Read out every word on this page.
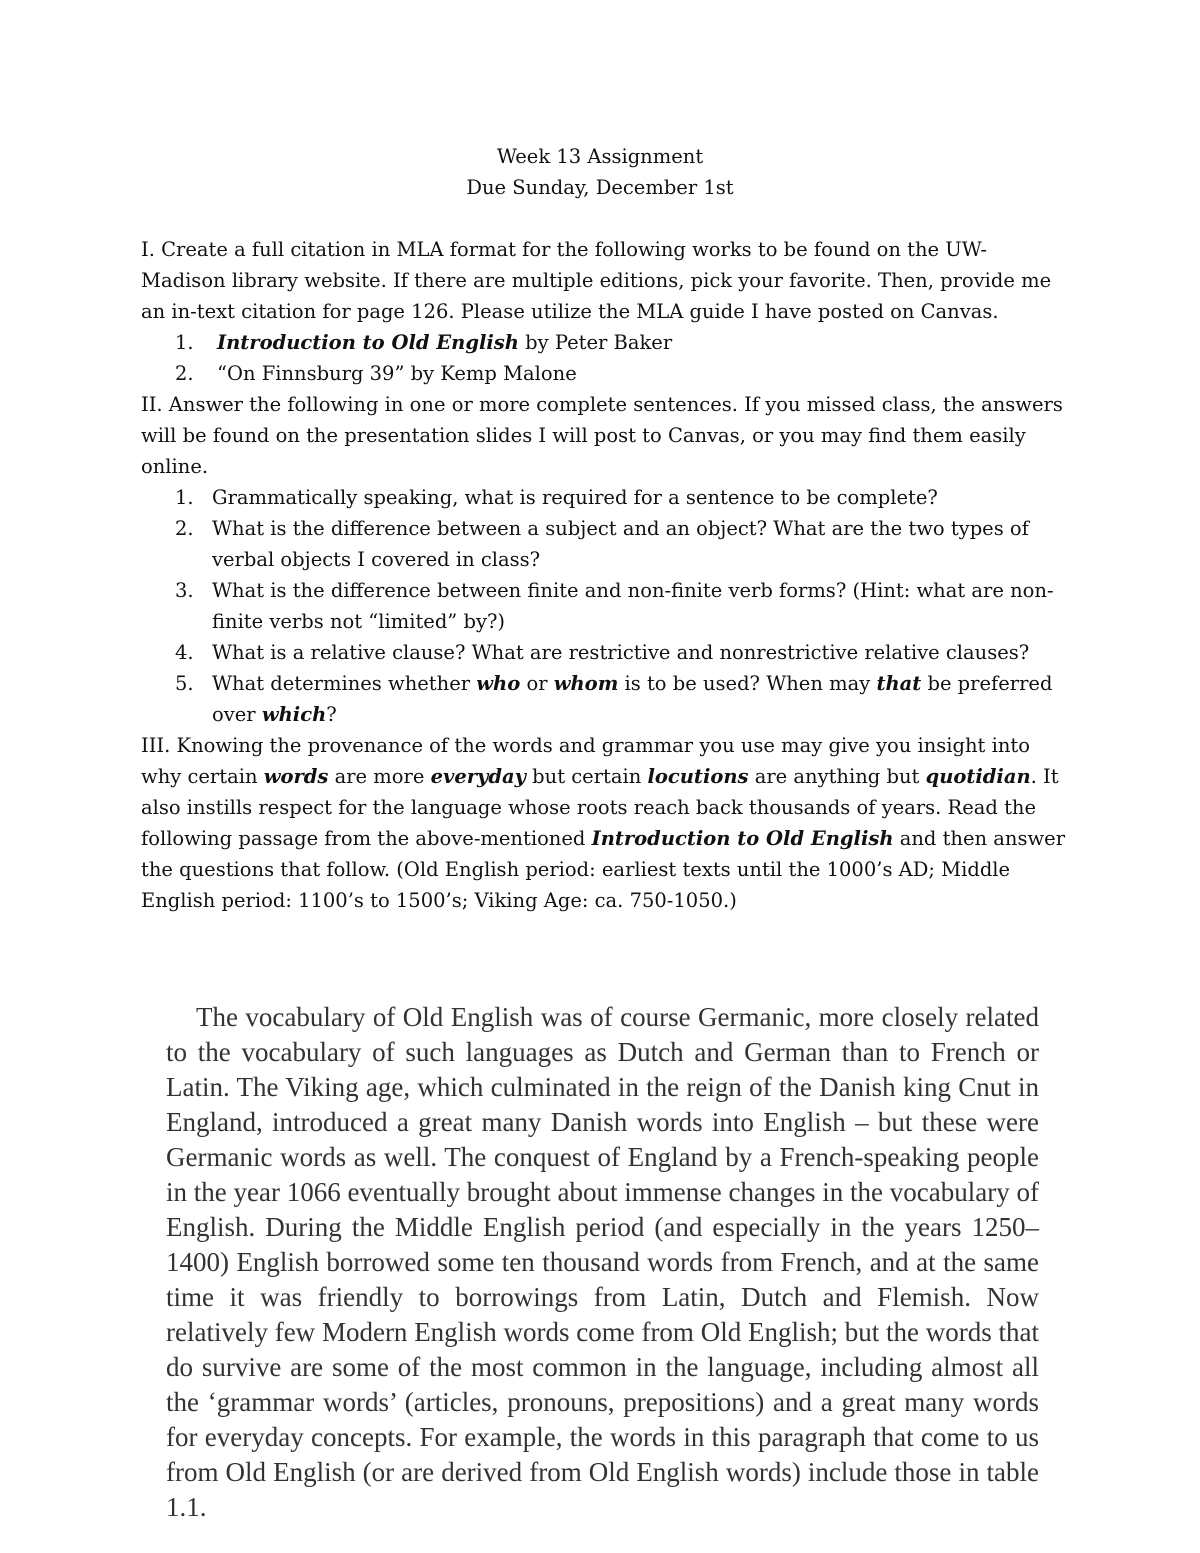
Week 13 Assignment
Due Sunday, December 1st

I. Create a full citation in MLA format for the following works to be found on the UW-Madison library website. If there are multiple editions, pick your favorite. Then, provide me an in-text citation for page 126. Please utilize the MLA guide I have posted on Canvas.

1. Introduction to Old English by Peter Baker
2. “On Finnsburg 39” by Kemp Malone

II. Answer the following in one or more complete sentences. If you missed class, the answers will be found on the presentation slides I will post to Canvas, or you may find them easily online.

1. Grammatically speaking, what is required for a sentence to be complete?
2. What is the difference between a subject and an object? What are the two types of verbal objects I covered in class?
3. What is the difference between finite and non-finite verb forms? (Hint: what are non-finite verbs not “limited” by?)
4. What is a relative clause? What are restrictive and nonrestrictive relative clauses?
5. What determines whether who or whom is to be used? When may that be preferred over which?

III. Knowing the provenance of the words and grammar you use may give you insight into why certain words are more everyday but certain locutions are anything but quotidian. It also instills respect for the language whose roots reach back thousands of years. Read the following passage from the above-mentioned Introduction to Old English and then answer the questions that follow. (Old English period: earliest texts until the 1000’s AD; Middle English period: 1100’s to 1500’s; Viking Age: ca. 750-1050.)

The vocabulary of Old English was of course Germanic, more closely related to the vocabulary of such languages as Dutch and German than to French or Latin. The Viking age, which culminated in the reign of the Danish king Cnut in England, introduced a great many Danish words into English – but these were Germanic words as well. The conquest of England by a French-speaking people in the year 1066 eventually brought about immense changes in the vocabulary of English. During the Middle English period (and especially in the years 1250–1400) English borrowed some ten thousand words from French, and at the same time it was friendly to borrowings from Latin, Dutch and Flemish. Now relatively few Modern English words come from Old English; but the words that do survive are some of the most common in the language, including almost all the ‘grammar words’ (articles, pronouns, prepositions) and a great many words for everyday concepts. For example, the words in this paragraph that come to us from Old English (or are derived from Old English words) include those in table 1.1.
